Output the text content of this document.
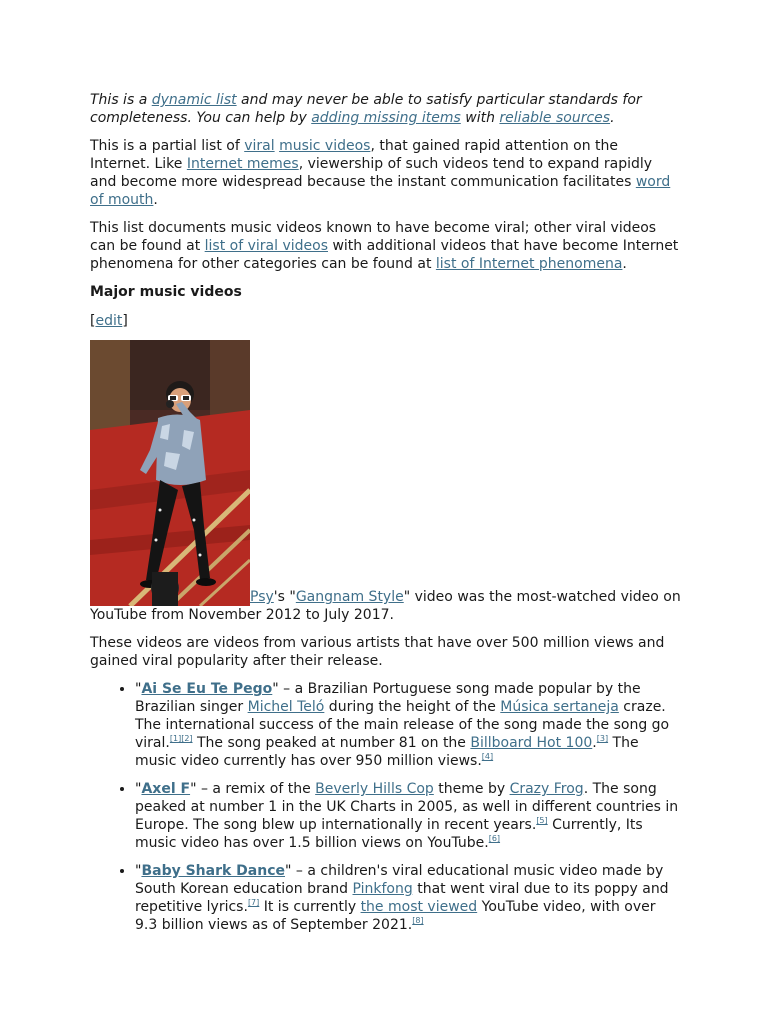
This is a dynamic list and may never be able to satisfy particular standards for completeness. You can help by adding missing items with reliable sources.

This is a partial list of viral music videos, that gained rapid attention on the Internet. Like Internet memes, viewership of such videos tend to expand rapidly and become more widespread because the instant communication facilitates word of mouth.

This list documents music videos known to have become viral; other viral videos can be found at list of viral videos with additional videos that have become Internet phenomena for other categories can be found at list of Internet phenomena.

Major music videos

[edit]

Psy's "Gangnam Style" video was the most-watched video on YouTube from November 2012 to July 2017.

These videos are videos from various artists that have over 500 million views and gained viral popularity after their release.

• "Ai Se Eu Te Pego" – a Brazilian Portuguese song made popular by the Brazilian singer Michel Teló during the height of the Música sertaneja craze. The international success of the main release of the song made the song go viral.[1][2] The song peaked at number 81 on the Billboard Hot 100.[3] The music video currently has over 950 million views.[4]
• "Axel F" – a remix of the Beverly Hills Cop theme by Crazy Frog. The song peaked at number 1 in the UK Charts in 2005, as well in different countries in Europe. The song blew up internationally in recent years.[5] Currently, Its music video has over 1.5 billion views on YouTube.[6]
• "Baby Shark Dance" – a children's viral educational music video made by South Korean education brand Pinkfong that went viral due to its poppy and repetitive lyrics.[7] It is currently the most viewed YouTube video, with over 9.3 billion views as of September 2021.[8]
